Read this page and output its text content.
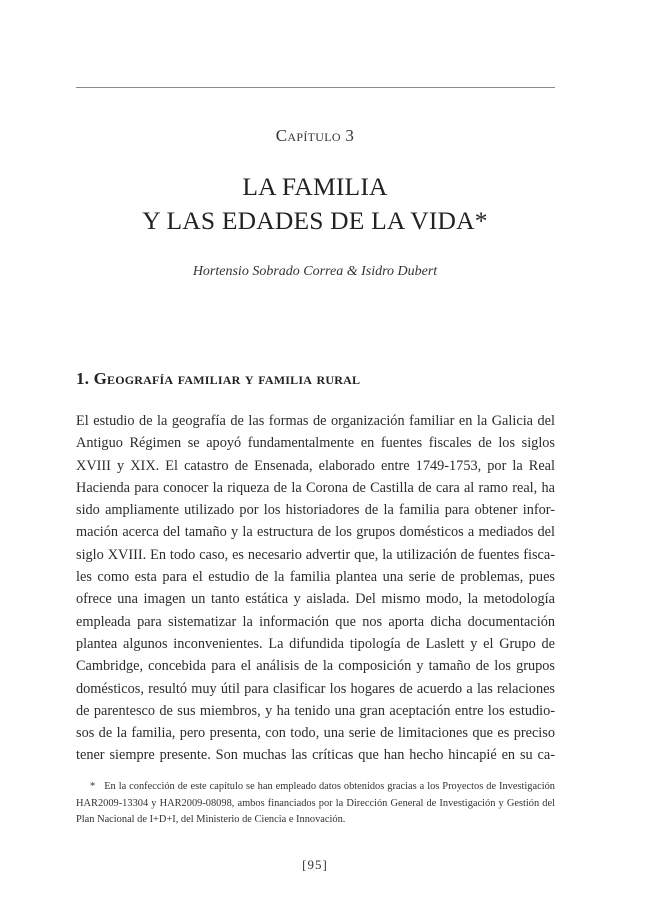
Capítulo 3
LA FAMILIA
Y LAS EDADES DE LA VIDA*
Hortensio Sobrado Correa & Isidro Dubert
1. Geografía familiar y familia rural
El estudio de la geografía de las formas de organización familiar en la Galicia del
Antiguo Régimen se apoyó fundamentalmente en fuentes fiscales de los siglos
XVIII y XIX. El catastro de Ensenada, elaborado entre 1749-1753, por la Real
Hacienda para conocer la riqueza de la Corona de Castilla de cara al ramo real, ha
sido ampliamente utilizado por los historiadores de la familia para obtener infor-
mación acerca del tamaño y la estructura de los grupos domésticos a mediados del
siglo XVIII. En todo caso, es necesario advertir que, la utilización de fuentes fisca-
les como esta para el estudio de la familia plantea una serie de problemas, pues
ofrece una imagen un tanto estática y aislada. Del mismo modo, la metodología
empleada para sistematizar la información que nos aporta dicha documentación
plantea algunos inconvenientes. La difundida tipología de Laslett y el Grupo de
Cambridge, concebida para el análisis de la composición y tamaño de los grupos
domésticos, resultó muy útil para clasificar los hogares de acuerdo a las relaciones
de parentesco de sus miembros, y ha tenido una gran aceptación entre los estudio-
sos de la familia, pero presenta, con todo, una serie de limitaciones que es preciso
tener siempre presente. Son muchas las críticas que han hecho hincapié en su ca-
* En la confección de este capítulo se han empleado datos obtenidos gracias a los Proyectos de Investigación
HAR2009-13304 y HAR2009-08098, ambos financiados por la Dirección General de Investigación y Gestión del
Plan Nacional de I+D+I, del Ministerio de Ciencia e Innovación.
[95]
